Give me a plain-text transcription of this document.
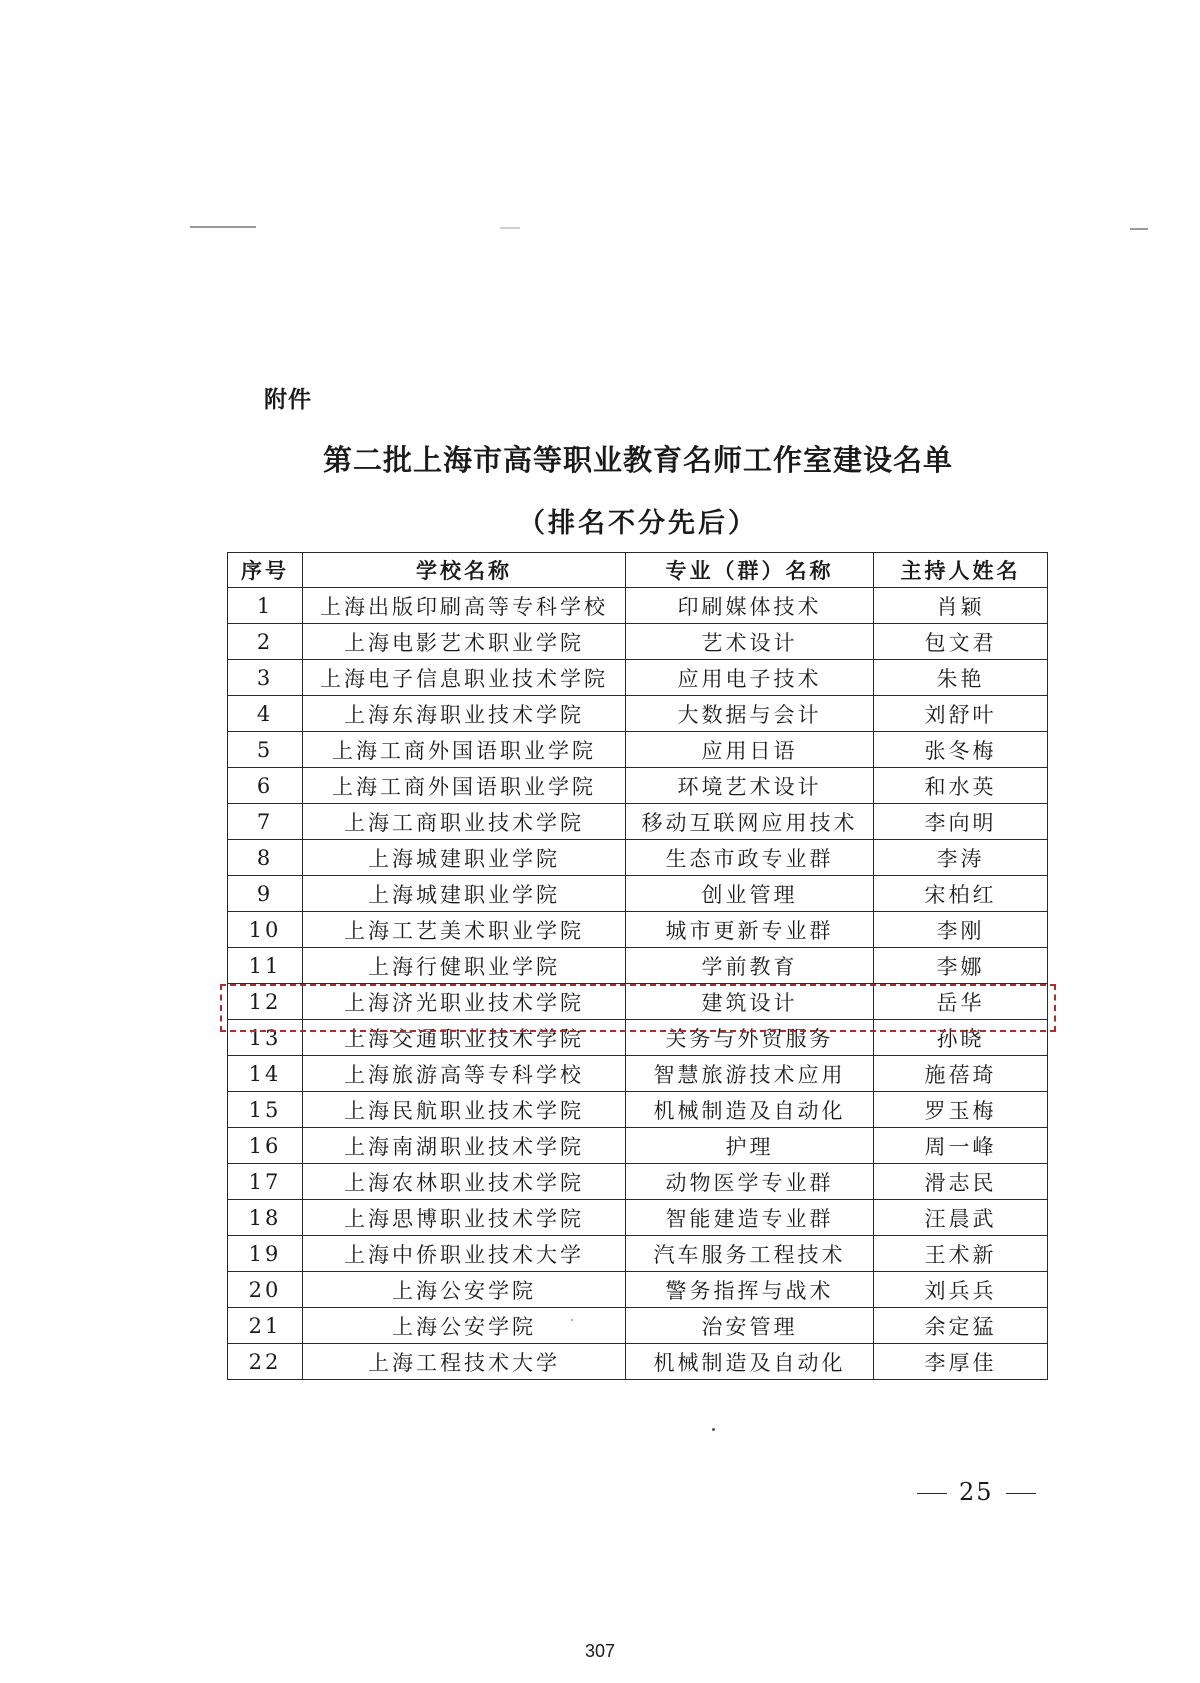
附件
第二批上海市高等职业教育名师工作室建设名单
（排名不分先后）
序号	学校名称	专业（群）名称	主持人姓名
1	上海出版印刷高等专科学校	印刷媒体技术	肖颖
2	上海电影艺术职业学院	艺术设计	包文君
3	上海电子信息职业技术学院	应用电子技术	朱艳
4	上海东海职业技术学院	大数据与会计	刘舒叶
5	上海工商外国语职业学院	应用日语	张冬梅
6	上海工商外国语职业学院	环境艺术设计	和水英
7	上海工商职业技术学院	移动互联网应用技术	李向明
8	上海城建职业学院	生态市政专业群	李涛
9	上海城建职业学院	创业管理	宋柏红
10	上海工艺美术职业学院	城市更新专业群	李刚
11	上海行健职业学院	学前教育	李娜
12	上海济光职业技术学院	建筑设计	岳华
13	上海交通职业技术学院	关务与外贸服务	孙晓
14	上海旅游高等专科学校	智慧旅游技术应用	施蓓琦
15	上海民航职业技术学院	机械制造及自动化	罗玉梅
16	上海南湖职业技术学院	护理	周一峰
17	上海农林职业技术学院	动物医学专业群	滑志民
18	上海思博职业技术学院	智能建造专业群	汪晨武
19	上海中侨职业技术大学	汽车服务工程技术	王术新
20	上海公安学院	警务指挥与战术	刘兵兵
21	上海公安学院	治安管理	余定猛
22	上海工程技术大学	机械制造及自动化	李厚佳
25
307
